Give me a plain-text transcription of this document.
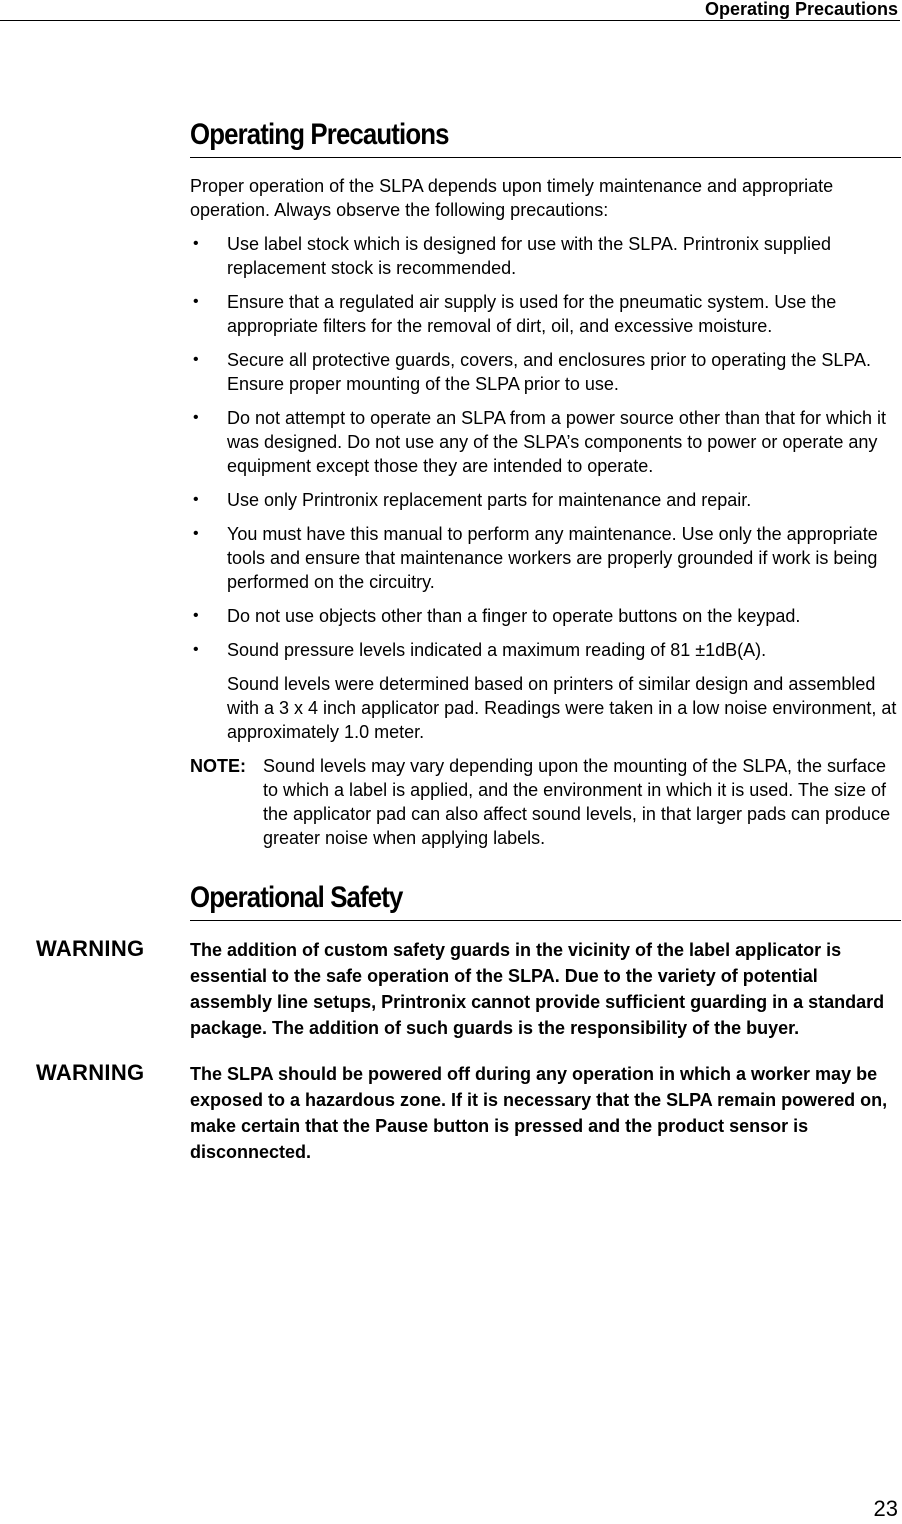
Operating Precautions
Operating Precautions

Proper operation of the SLPA depends upon timely maintenance and appropriate operation. Always observe the following precautions:

• Use label stock which is designed for use with the SLPA. Printronix supplied replacement stock is recommended.
• Ensure that a regulated air supply is used for the pneumatic system. Use the appropriate filters for the removal of dirt, oil, and excessive moisture.
• Secure all protective guards, covers, and enclosures prior to operating the SLPA. Ensure proper mounting of the SLPA prior to use.
• Do not attempt to operate an SLPA from a power source other than that for which it was designed. Do not use any of the SLPA’s components to power or operate any equipment except those they are intended to operate.
• Use only Printronix replacement parts for maintenance and repair.
• You must have this manual to perform any maintenance. Use only the appropriate tools and ensure that maintenance workers are properly grounded if work is being performed on the circuitry.
• Do not use objects other than a finger to operate buttons on the keypad.
• Sound pressure levels indicated a maximum reading of 81 ±1dB(A).

Sound levels were determined based on printers of similar design and assembled with a 3 x 4 inch applicator pad. Readings were taken in a low noise environment, at approximately 1.0 meter.

NOTE: Sound levels may vary depending upon the mounting of the SLPA, the surface to which a label is applied, and the environment in which it is used. The size of the applicator pad can also affect sound levels, in that larger pads can produce greater noise when applying labels.

Operational Safety
WARNING	The addition of custom safety guards in the vicinity of the label applicator is essential to the safe operation of the SLPA. Due to the variety of potential assembly line setups, Printronix cannot provide sufficient guarding in a standard package. The addition of such guards is the responsibility of the buyer.

WARNING	The SLPA should be powered off during any operation in which a worker may be exposed to a hazardous zone. If it is necessary that the SLPA remain powered on, make certain that the Pause button is pressed and the product sensor is disconnected.

23
